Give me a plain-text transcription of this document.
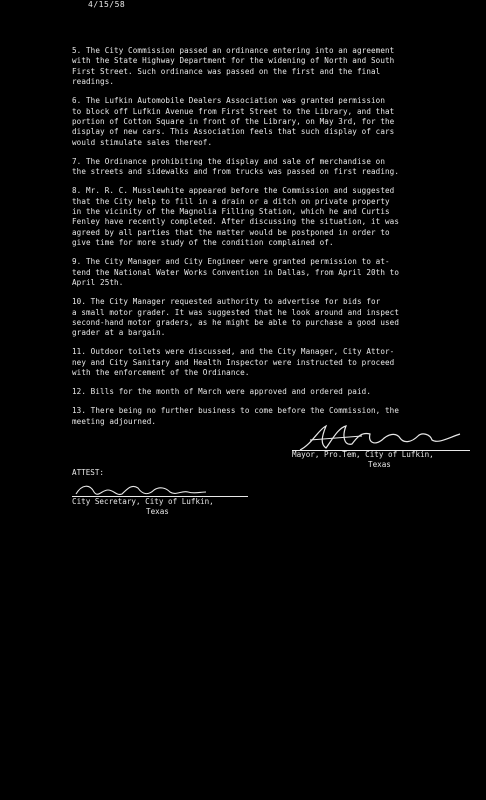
4/15/58

5. The City Commission passed an ordinance entering into an agreement
with the State Highway Department for the widening of North and South
First Street. Such ordinance was passed on the first and the final
readings.

6. The Lufkin Automobile Dealers Association was granted permission
to block off Lufkin Avenue from First Street to the Library, and that
portion of Cotton Square in front of the Library, on May 3rd, for the
display of new cars. This Association feels that such display of cars
would stimulate sales thereof.

7. The Ordinance prohibiting the display and sale of merchandise on
the streets and sidewalks and from trucks was passed on first reading.

8. Mr. R. C. Musslewhite appeared before the Commission and suggested
that the City help to fill in a drain or a ditch on private property
in the vicinity of the Magnolia Filling Station, which he and Curtis
Fenley have recently completed. After discussing the situation, it was
agreed by all parties that the matter would be postponed in order to
give time for more study of the condition complained of.

9. The City Manager and City Engineer were granted permission to at-
tend the National Water Works Convention in Dallas, from April 20th to
April 25th.

10. The City Manager requested authority to advertise for bids for
a small motor grader. It was suggested that he look around and inspect
second-hand motor graders, as he might be able to purchase a good used
grader at a bargain.

11. Outdoor toilets were discussed, and the City Manager, City Attor-
ney and City Sanitary and Health Inspector were instructed to proceed
with the enforcement of the Ordinance.

12. Bills for the month of March were approved and ordered paid.

13. There being no further business to come before the Commission, the
meeting adjourned.

Mayor, Pro.Tem, City of Lufkin,
Texas
ATTEST:
City Secretary, City of Lufkin,
Texas
